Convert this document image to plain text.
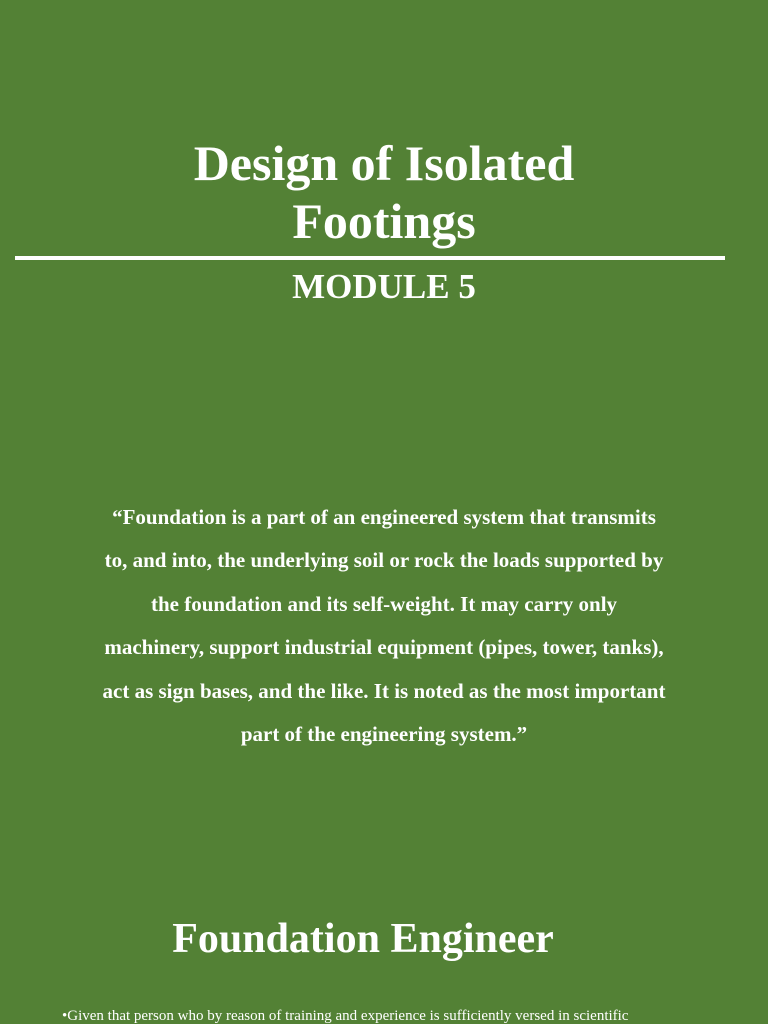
Design of Isolated
Footings
MODULE 5
“Foundation is a part of an engineered system that transmits
to, and into, the underlying soil or rock the loads supported by
the foundation and its self-weight. It may carry only
machinery, support industrial equipment (pipes, tower, tanks),
act as sign bases, and the like. It is noted as the most important
part of the engineering system.”
Foundation Engineer
•Given that person who by reason of training and experience is sufficiently versed in scientific
